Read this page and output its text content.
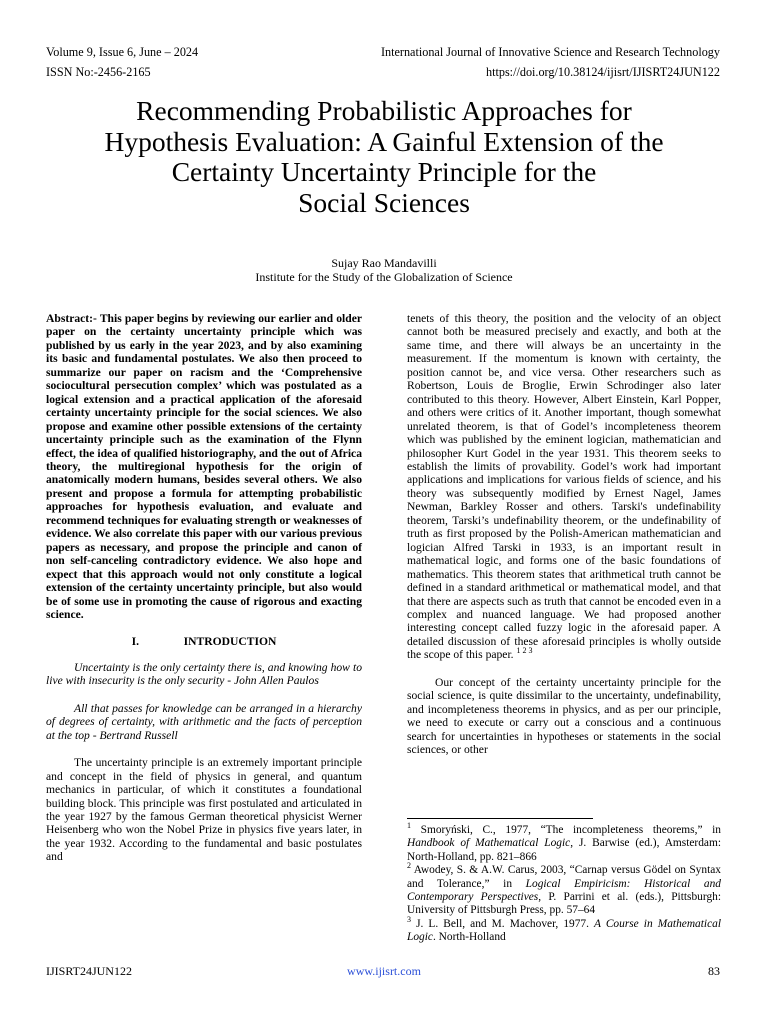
Volume 9, Issue 6, June – 2024
ISSN No:-2456-2165
International Journal of Innovative Science and Research Technology
https://doi.org/10.38124/ijisrt/IJISRT24JUN122
Recommending Probabilistic Approaches for
Hypothesis Evaluation: A Gainful Extension of the
Certainty Uncertainty Principle for the
Social Sciences
Sujay Rao Mandavilli
Institute for the Study of the Globalization of Science

Abstract:- This paper begins by reviewing our earlier and older paper on the certainty uncertainty principle which was published by us early in the year 2023, and by also examining its basic and fundamental postulates. We also then proceed to summarize our paper on racism and the ‘Comprehensive sociocultural persecution complex’ which was postulated as a logical extension and a practical application of the aforesaid certainty uncertainty principle for the social sciences. We also propose and examine other possible extensions of the certainty uncertainty principle such as the examination of the Flynn effect, the idea of qualified historiography, and the out of Africa theory, the multiregional hypothesis for the origin of anatomically modern humans, besides several others. We also present and propose a formula for attempting probabilistic approaches for hypothesis evaluation, and evaluate and recommend techniques for evaluating strength or weaknesses of evidence. We also correlate this paper with our various previous papers as necessary, and propose the principle and canon of non self-canceling contradictory evidence. We also hope and expect that this approach would not only constitute a logical extension of the certainty uncertainty principle, but also would be of some use in promoting the cause of rigorous and exacting science.

I.	INTRODUCTION

Uncertainty is the only certainty there is, and knowing how to live with insecurity is the only security - John Allen Paulos

All that passes for knowledge can be arranged in a hierarchy of degrees of certainty, with arithmetic and the facts of perception at the top - Bertrand Russell

The uncertainty principle is an extremely important principle and concept in the field of physics in general, and quantum mechanics in particular, of which it constitutes a foundational building block. This principle was first postulated and articulated in the year 1927 by the famous German theoretical physicist Werner Heisenberg who won the Nobel Prize in physics five years later, in the year 1932. According to the fundamental and basic postulates and

tenets of this theory, the position and the velocity of an object cannot both be measured precisely and exactly, and both at the same time, and there will always be an uncertainty in the measurement. If the momentum is known with certainty, the position cannot be, and vice versa. Other researchers such as Robertson, Louis de Broglie, Erwin Schrodinger also later contributed to this theory. However, Albert Einstein, Karl Popper, and others were critics of it. Another important, though somewhat unrelated theorem, is that of Godel’s incompleteness theorem which was published by the eminent logician, mathematician and philosopher Kurt Godel in the year 1931. This theorem seeks to establish the limits of provability. Godel’s work had important applications and implications for various fields of science, and his theory was subsequently modified by Ernest Nagel, James Newman, Barkley Rosser and others. Tarski's undefinability theorem, Tarski’s undefinability theorem, or the undefinability of truth as first proposed by the Polish-American mathematician and logician Alfred Tarski in 1933, is an important result in mathematical logic, and forms one of the basic foundations of mathematics. This theorem states that arithmetical truth cannot be defined in a standard arithmetical or mathematical model, and that that there are aspects such as truth that cannot be encoded even in a complex and nuanced language. We had proposed another interesting concept called fuzzy logic in the aforesaid paper. A detailed discussion of these aforesaid principles is wholly outside the scope of this paper. $^{1 2 3}$

Our concept of the certainty uncertainty principle for the social science, is quite dissimilar to the uncertainty, undefinability, and incompleteness theorems in physics, and as per our principle, we need to execute or carry out a conscious and a continuous search for uncertainties in hypotheses or statements in the social sciences, or other

$^1$ Smoryński, C., 1977, “The incompleteness theorems,” in Handbook of Mathematical Logic, J. Barwise (ed.), Amsterdam: North-Holland, pp. 821–866

$^2$ Awodey, S. & A.W. Carus, 2003, “Carnap versus Gödel on Syntax and Tolerance,” in Logical Empiricism: Historical and Contemporary Perspectives, P. Parrini et al. (eds.), Pittsburgh: University of Pittsburgh Press, pp. 57–64

$^3$ J. L. Bell, and M. Machover, 1977. A Course in Mathematical Logic. North-Holland

IJISRT24JUN122	www.ijisrt.com	83
